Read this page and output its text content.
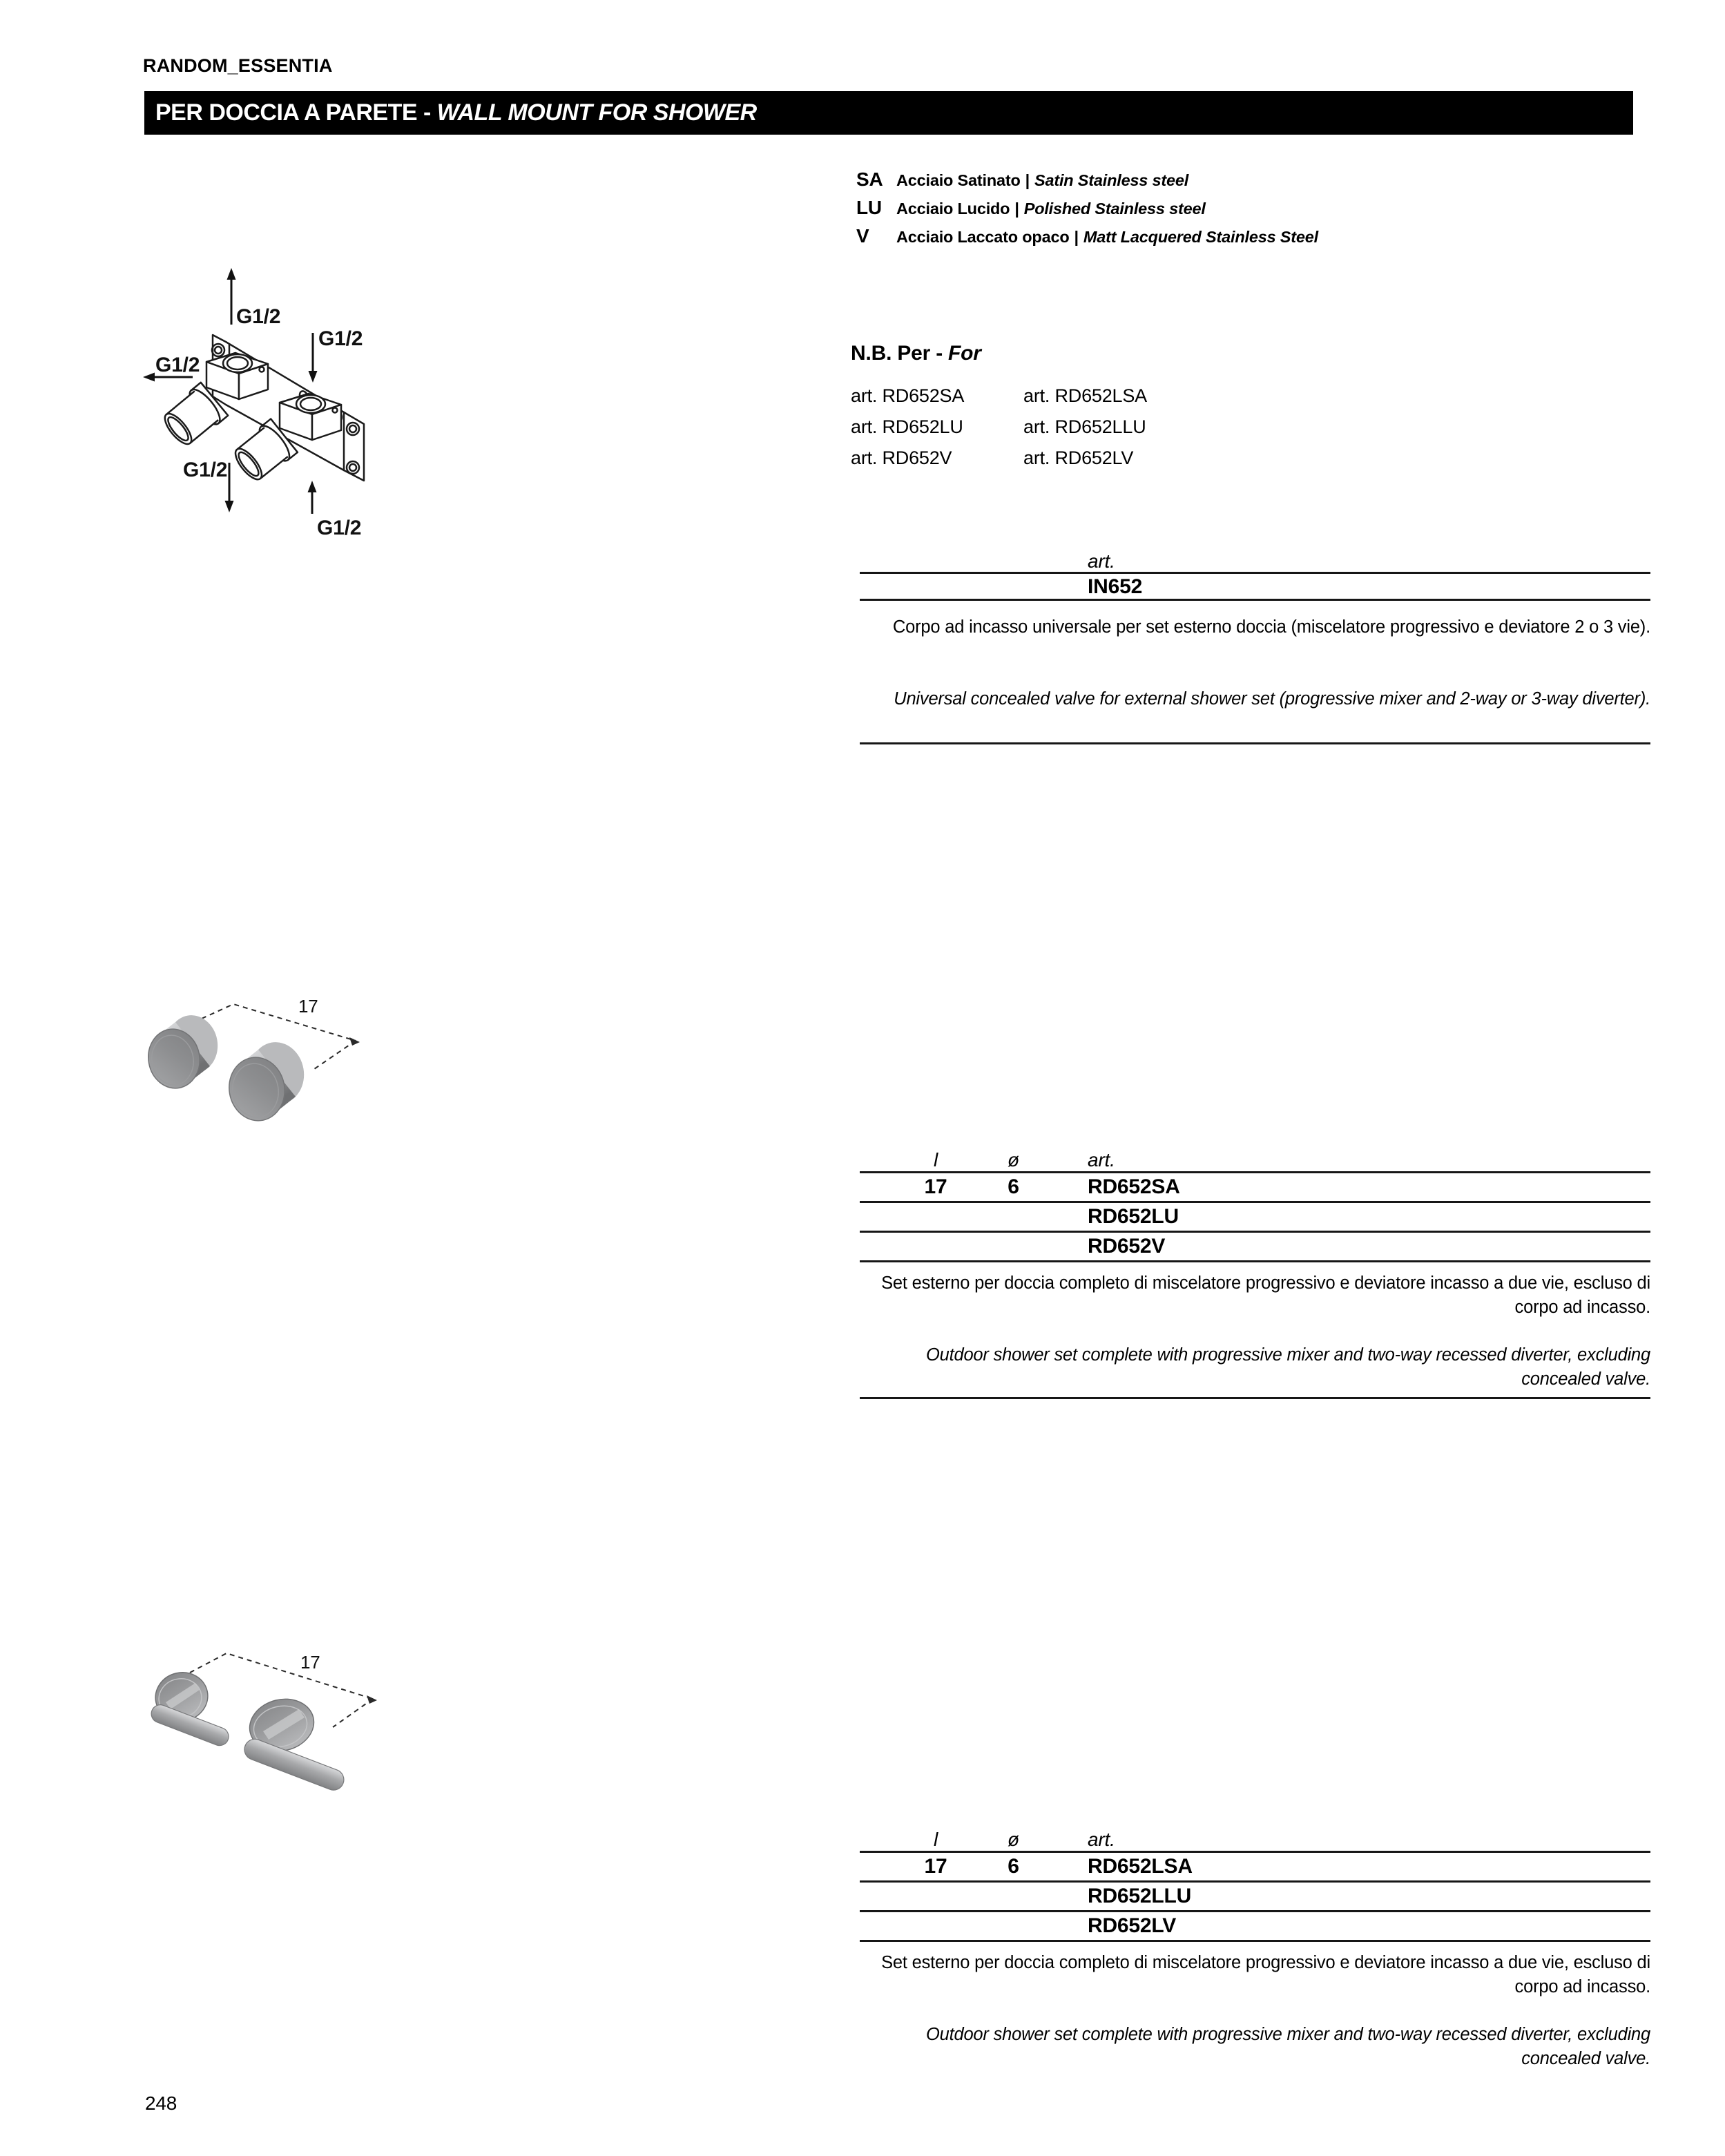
RANDOM_ESSENTIA
PER DOCCIA A PARETE - WALL MOUNT FOR SHOWER
SA Acciaio Satinato | Satin Stainless steel
LU Acciaio Lucido | Polished Stainless steel
V	Acciaio Laccato opaco | Matt Lacquered Stainless Steel
G1/2
G1/2
G1/2
G1/2
G1/2
N.B. Per - For
art. RD652SA	art. RD652LSA
art. RD652LU	art. RD652LLU
art. RD652V	art. RD652LV
art.
IN652
Corpo ad incasso universale per set esterno doccia (miscelatore progressivo e deviatore 2 o 3 vie).
Universal concealed valve for external shower set (progressive mixer and 2-way or 3-way diverter).
17
l	ø	art.
17	6	RD652SA
RD652LU
RD652V
Set esterno per doccia completo di miscelatore progressivo e deviatore incasso a due vie, escluso di corpo ad incasso.
Outdoor shower set complete with progressive mixer and two-way recessed diverter, excluding concealed valve.
17
l	ø	art.
17	6	RD652LSA
RD652LLU
RD652LV
Set esterno per doccia completo di miscelatore progressivo e deviatore incasso a due vie, escluso di corpo ad incasso.
Outdoor shower set complete with progressive mixer and two-way recessed diverter, excluding concealed valve.
248
